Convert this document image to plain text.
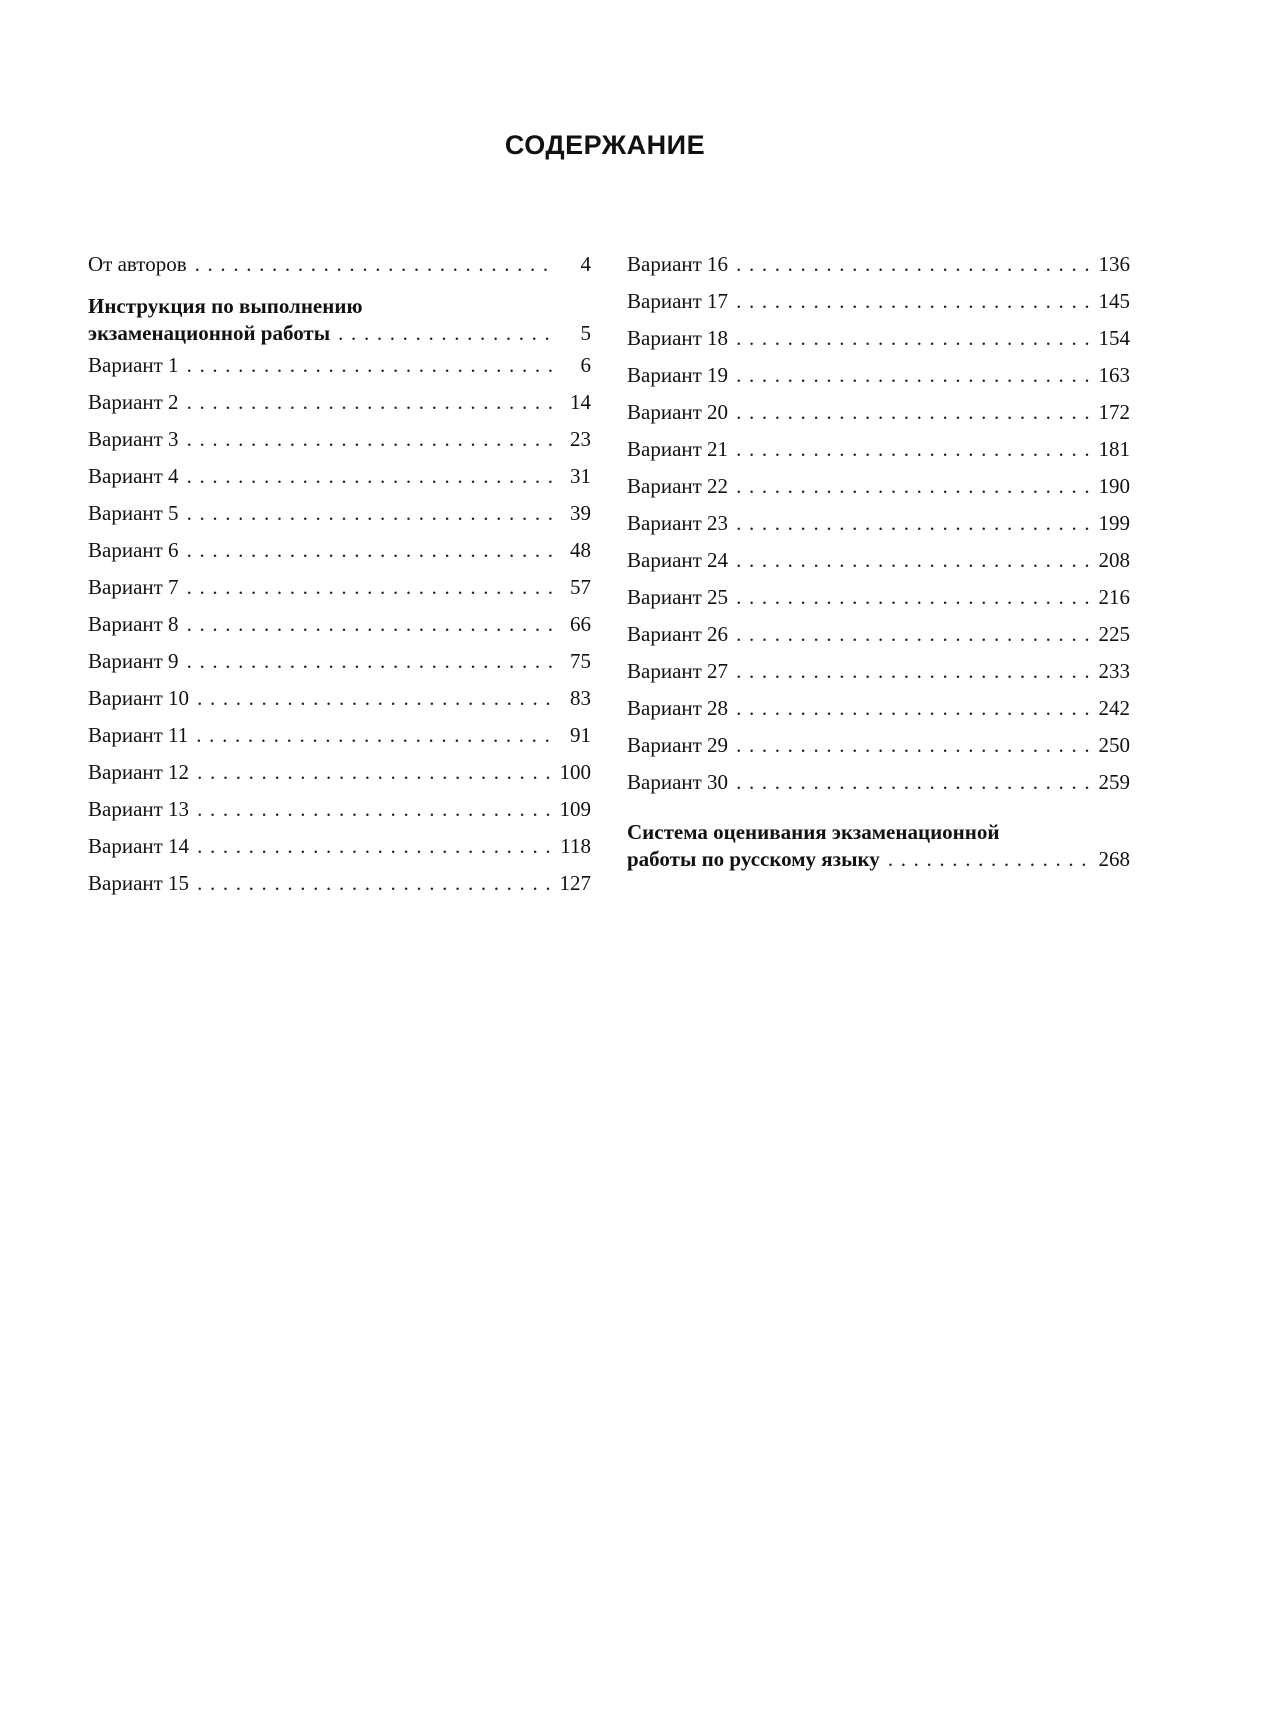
СОДЕРЖАНИЕ
От авторов . . .	4
Инструкция по выполнению
экзаменационной работы . . .	5
Вариант 1 . . .	6
Вариант 2 . . .	14
Вариант 3 . . .	23
Вариант 4 . . .	31
Вариант 5 . . .	39
Вариант 6 . . .	48
Вариант 7 . . .	57
Вариант 8 . . .	66
Вариант 9 . . .	75
Вариант 10 . . .	83
Вариант 11 . . .	91
Вариант 12 . . .	100
Вариант 13 . . .	109
Вариант 14 . . .	118
Вариант 15 . . .	127
Вариант 16 . . .	136
Вариант 17 . . .	145
Вариант 18 . . .	154
Вариант 19 . . .	163
Вариант 20 . . .	172
Вариант 21 . . .	181
Вариант 22 . . .	190
Вариант 23 . . .	199
Вариант 24 . . .	208
Вариант 25 . . .	216
Вариант 26 . . .	225
Вариант 27 . . .	233
Вариант 28 . . .	242
Вариант 29 . . .	250
Вариант 30 . . .	259
Система оценивания экзаменационной
работы по русскому языку . . .	268
